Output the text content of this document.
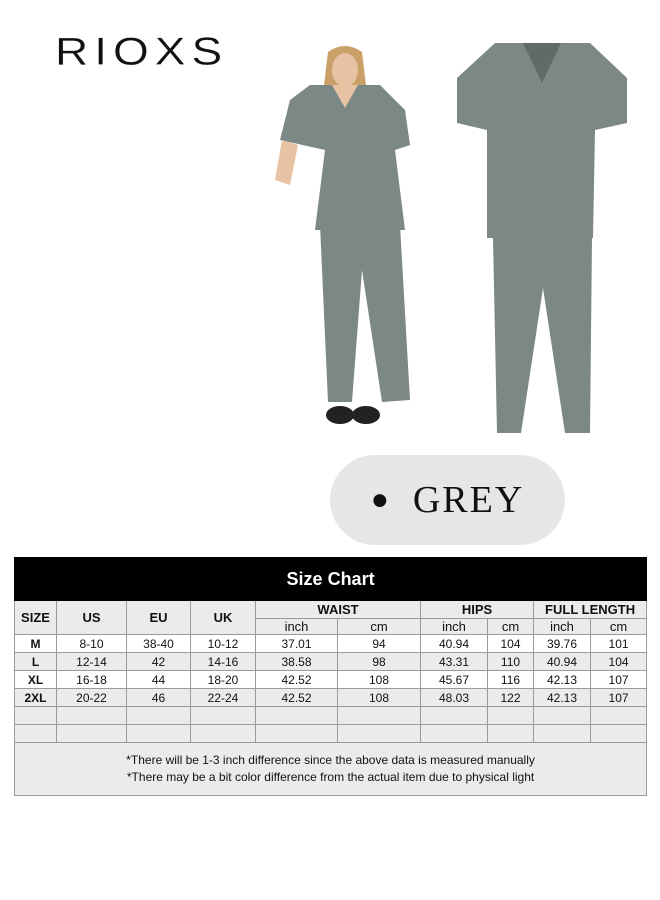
RIOXS
● GREY
Size Chart									
SIZE	US	EU	UK	WAIST		HIPS		FULL LENGTH	
				inch	cm	inch	cm	inch	cm
M	8-10	38-40	10-12	37.01	94	40.94	104	39.76	101
L	12-14	42	14-16	38.58	98	43.31	110	40.94	104
XL	16-18	44	18-20	42.52	108	45.67	116	42.13	107
2XL	20-22	46	22-24	42.52	108	48.03	122	42.13	107

*There will be 1-3 inch difference since the above data is measured manually
*There may be a bit color difference from the actual item due to physical light									
